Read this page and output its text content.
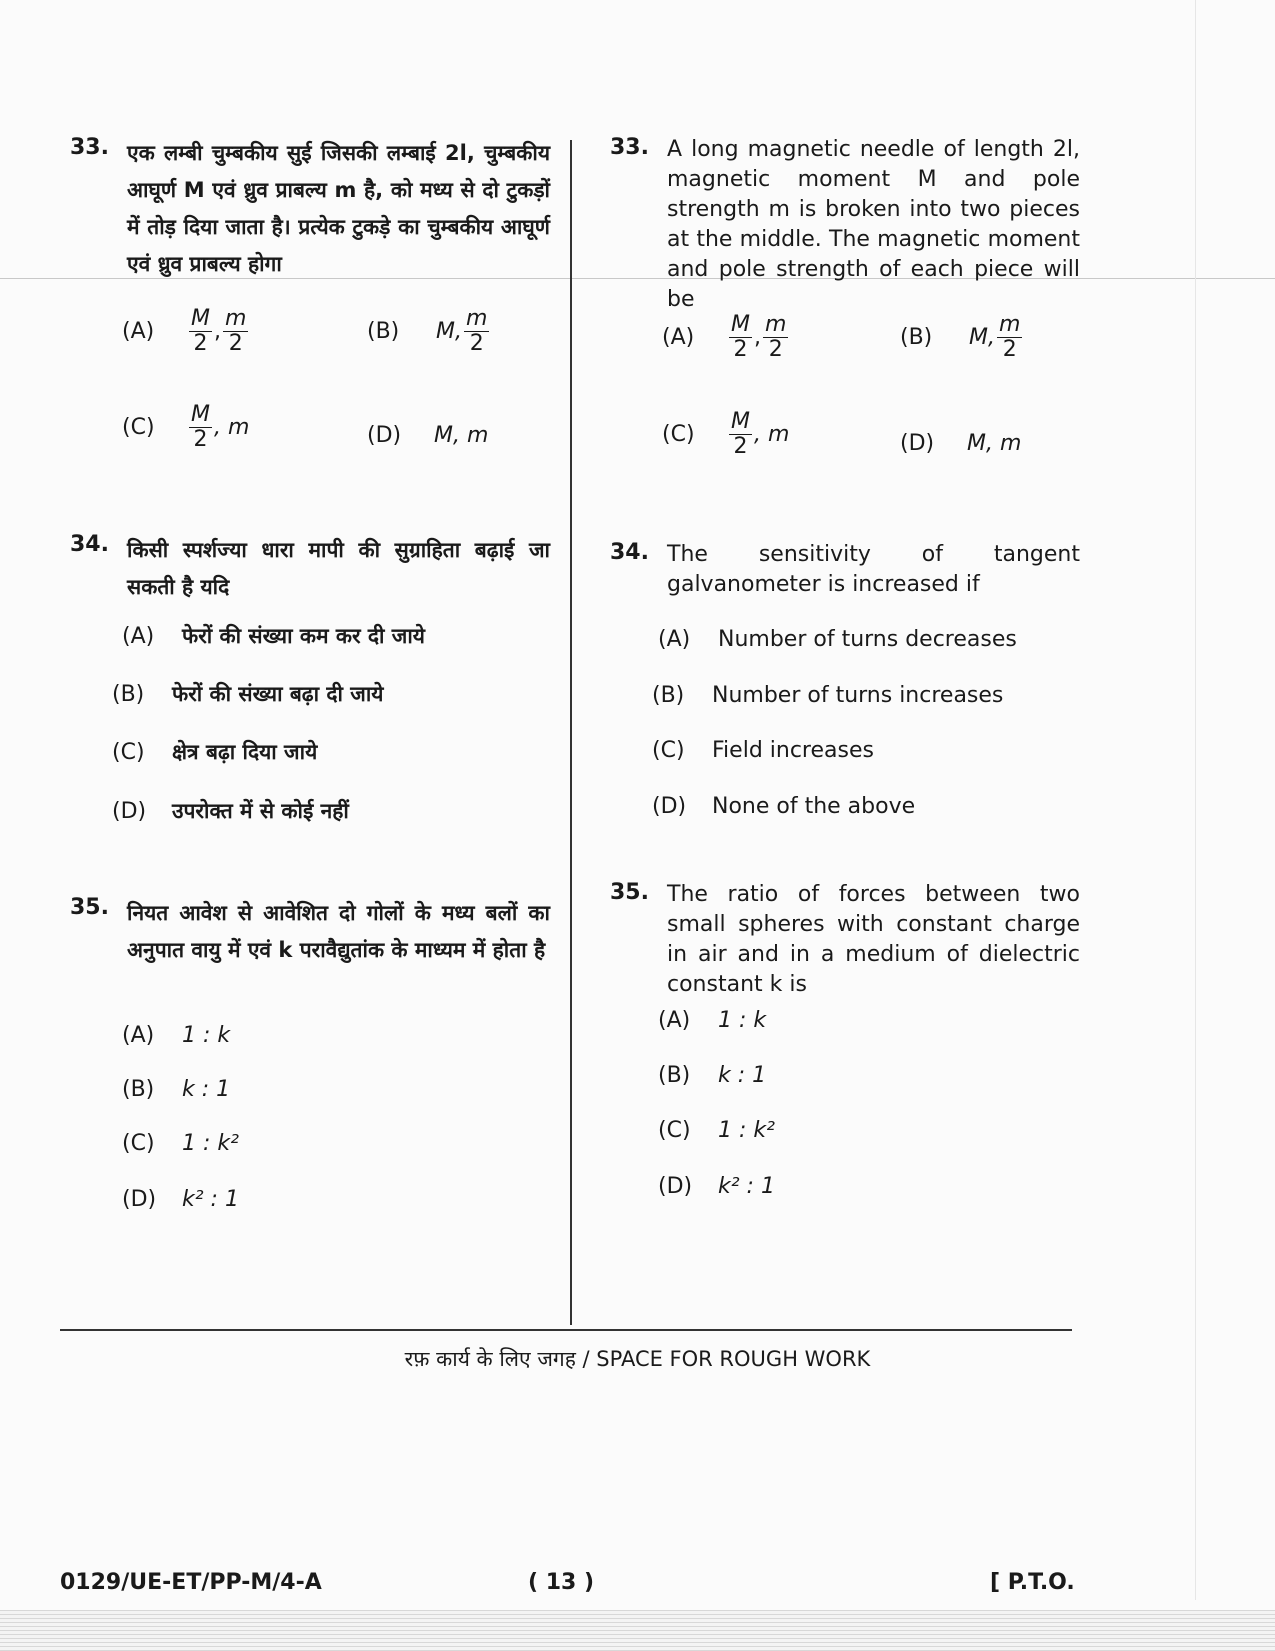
33. एक लम्बी चुम्बकीय सुई जिसकी लम्बाई 2l, चुम्बकीय आघूर्ण M एवं ध्रुव प्राबल्य m है, को मध्य से दो टुकड़ों में तोड़ दिया जाता है। प्रत्येक टुकड़े का चुम्बकीय आघूर्ण एवं ध्रुव प्राबल्य होगा
$(A) \frac{M}{2}$ , $\frac{m}{2}$	(B) M, $\frac{m}{2}$
$(C) \frac{M}{2}$ , m	(D) M, m
34. किसी स्पर्शज्या धारा मापी की सुग्राहिता बढ़ाई जा सकती है यदि
(A) फेरों की संख्या कम कर दी जाये
(B) फेरों की संख्या बढ़ा दी जाये
(C) क्षेत्र बढ़ा दिया जाये
(D) उपरोक्त में से कोई नहीं
35. नियत आवेश से आवेशित दो गोलों के मध्य बलों का अनुपात वायु में एवं k परावैद्युतांक के माध्यम में होता है
(A) 1 : k
(B) k : 1
(C) 1 : k²
(D) k² : 1
33. A long magnetic needle of length 2l, magnetic moment M and pole strength m is broken into two pieces at the middle. The magnetic moment and pole strength of each piece will be
$(A) \frac{M}{2}$ , $\frac{m}{2}$	(B) M, $\frac{m}{2}$
$(C) \frac{M}{2}$ , m	(D) M, m
34. The sensitivity of tangent galvanometer is increased if
(A) Number of turns decreases
(B) Number of turns increases
(C) Field increases
(D) None of the above
35. The ratio of forces between two small spheres with constant charge in air and in a medium of dielectric constant k is
(A) 1 : k
(B) k : 1
(C) 1 : k²
(D) k² : 1
रफ़ कार्य के लिए जगह / SPACE FOR ROUGH WORK
0129/UE-ET/PP-M/4-A	( 13 )	[ P.T.O.
